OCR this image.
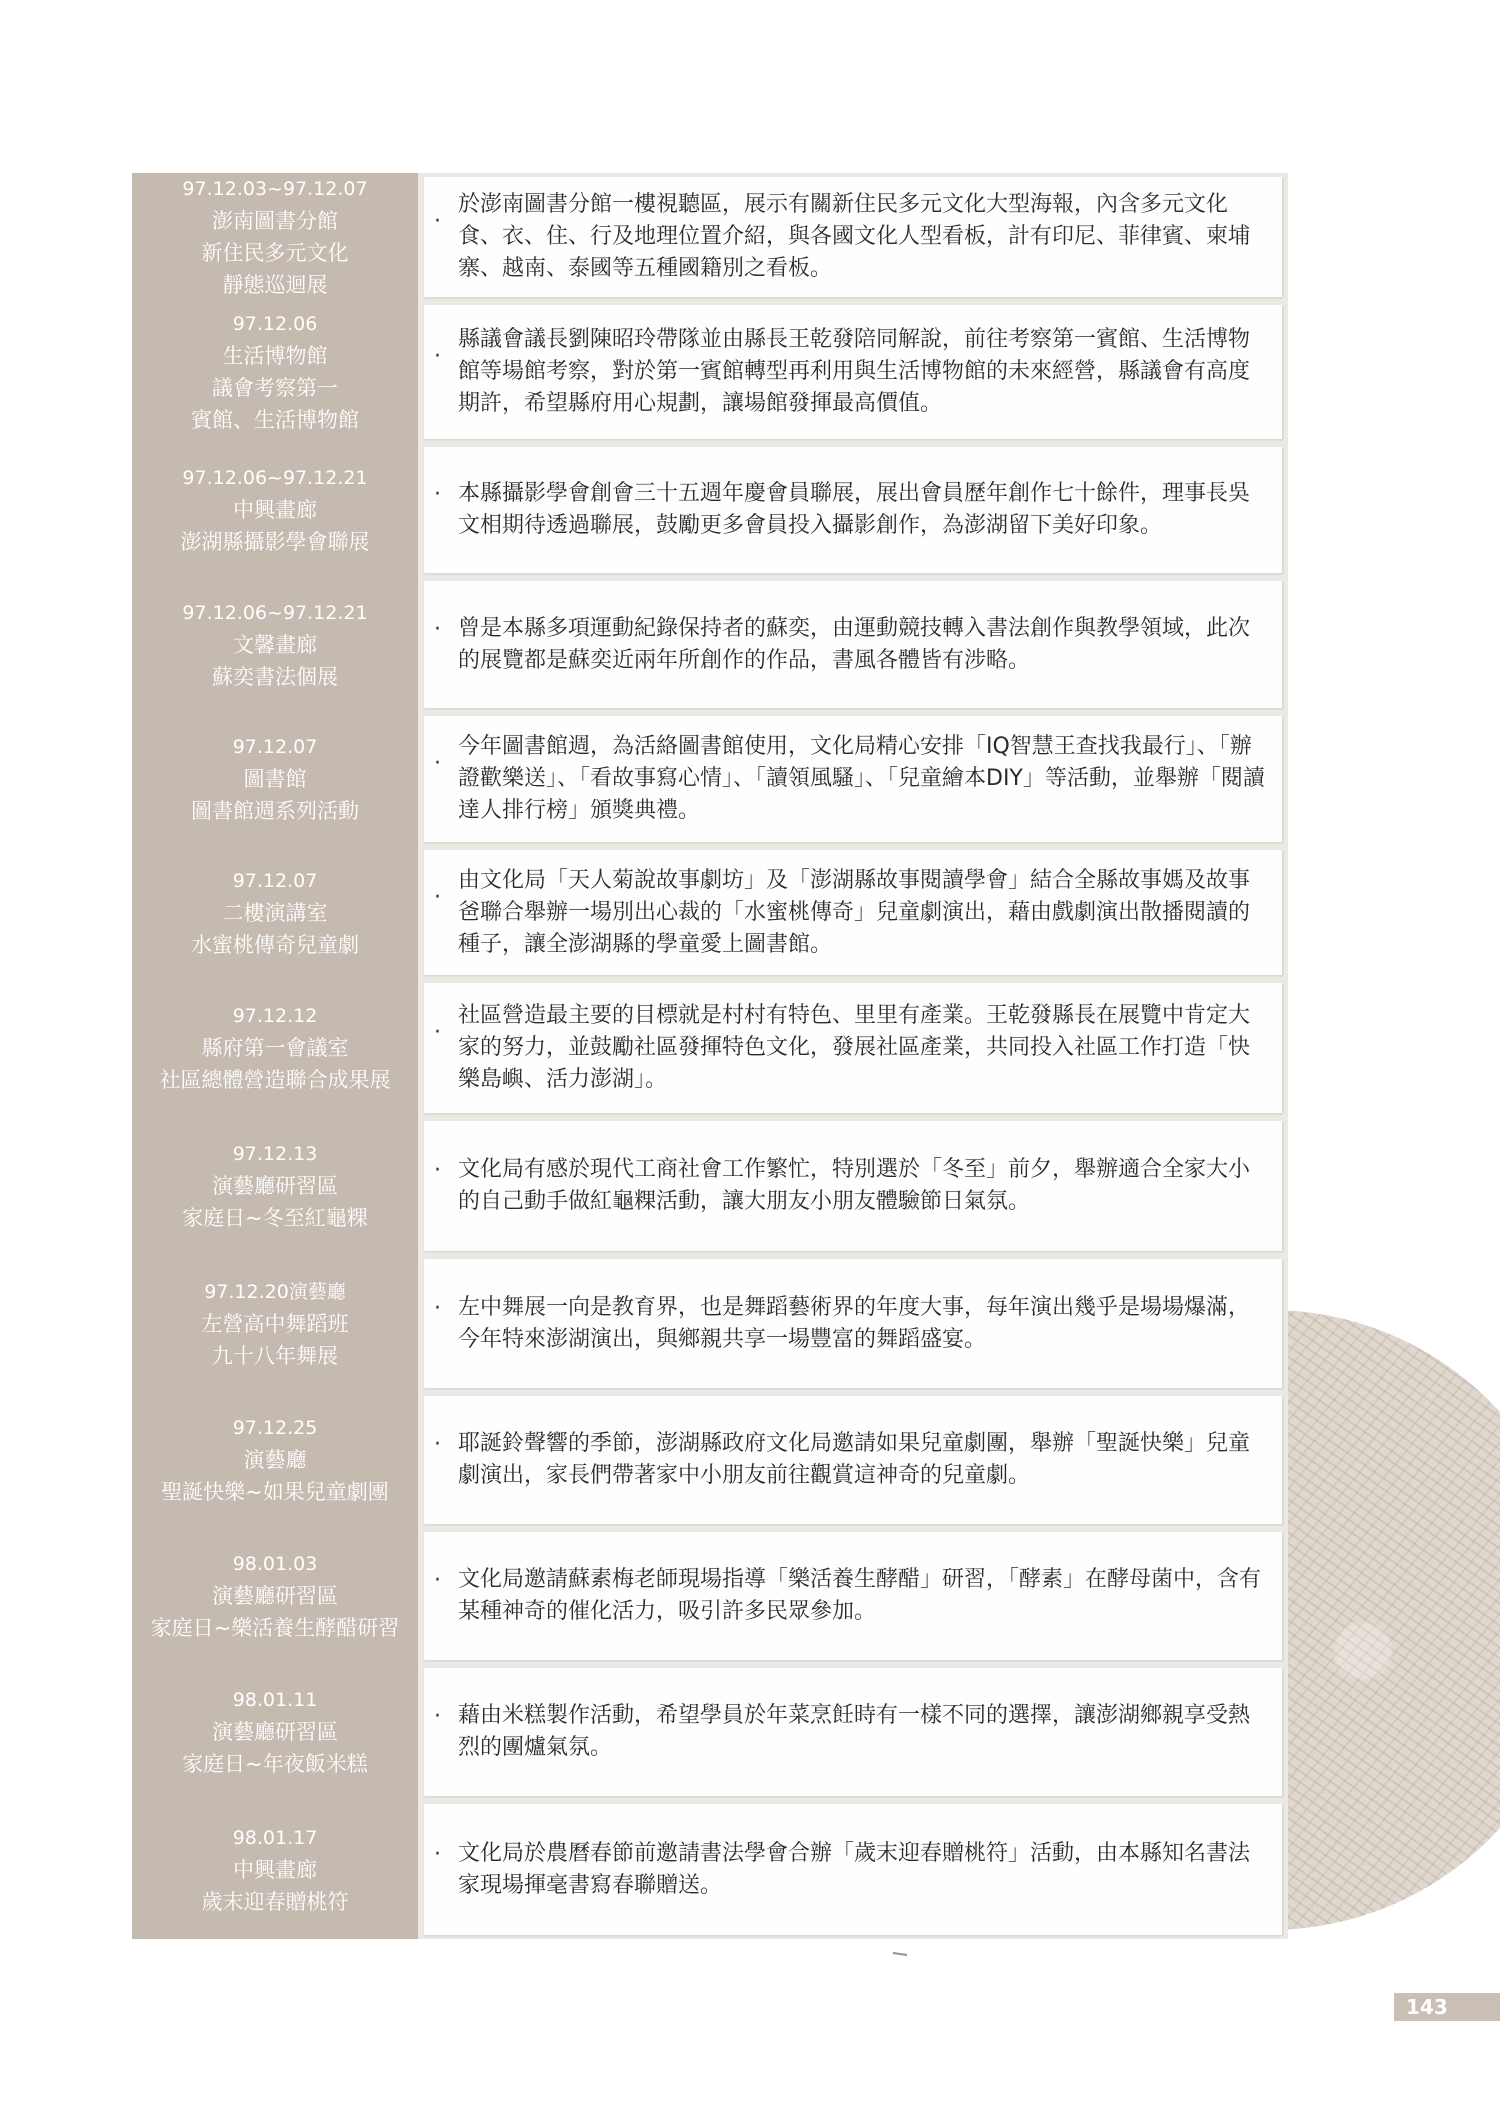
97.12.03~97.12.07
澎南圖書分館
新住民多元文化
靜態巡迴展
·
於澎南圖書分館一樓視聽區，展示有關新住民多元文化大型海報，內含多元文化食、衣、住、行及地理位置介紹，與各國文化人型看板，計有印尼、菲律賓、柬埔寨、越南、泰國等五種國籍別之看板。
97.12.06
生活博物館
議會考察第一
賓館、生活博物館
·
縣議會議長劉陳昭玲帶隊並由縣長王乾發陪同解說，前往考察第一賓館、生活博物館等場館考察，對於第一賓館轉型再利用與生活博物館的未來經營，縣議會有高度期許，希望縣府用心規劃，讓場館發揮最高價值。
97.12.06~97.12.21
中興畫廊
澎湖縣攝影學會聯展
· 本縣攝影學會創會三十五週年慶會員聯展，展出會員歷年創作七十餘件，理事長吳文相期待透過聯展，鼓勵更多會員投入攝影創作，為澎湖留下美好印象。
97.12.06~97.12.21
文馨畫廊
蘇奕書法個展
· 曾是本縣多項運動紀錄保持者的蘇奕，由運動競技轉入書法創作與教學領域，此次的展覽都是蘇奕近兩年所創作的作品，書風各體皆有涉略。
97.12.07
圖書館
圖書館週系列活動
·
今年圖書館週，為活絡圖書館使用，文化局精心安排「IQ智慧王查找我最行」、「辦證歡樂送」、「看故事寫心情」、「讀領風騷」、「兒童繪本DIY」等活動，並舉辦「閱讀達人排行榜」頒獎典禮。
97.12.07
二樓演講室
水蜜桃傳奇兒童劇
·
由文化局「天人菊說故事劇坊」及「澎湖縣故事閱讀學會」結合全縣故事媽及故事爸聯合舉辦一場別出心裁的「水蜜桃傳奇」兒童劇演出，藉由戲劇演出散播閱讀的種子，讓全澎湖縣的學童愛上圖書館。
97.12.12
縣府第一會議室
社區總體營造聯合成果展
·
社區營造最主要的目標就是村村有特色、里里有產業。王乾發縣長在展覽中肯定大家的努力，並鼓勵社區發揮特色文化，發展社區產業，共同投入社區工作打造「快樂島嶼、活力澎湖」。
97.12.13
演藝廳研習區
家庭日~冬至紅龜粿
· 文化局有感於現代工商社會工作繁忙，特別選於「冬至」前夕，舉辦適合全家大小的自己動手做紅龜粿活動，讓大朋友小朋友體驗節日氣氛。
97.12.20演藝廳
左營高中舞蹈班
九十八年舞展
· 左中舞展一向是教育界，也是舞蹈藝術界的年度大事，每年演出幾乎是場場爆滿，今年特來澎湖演出，與鄉親共享一場豐富的舞蹈盛宴。
97.12.25
演藝廳
聖誕快樂~如果兒童劇團
· 耶誕鈴聲響的季節，澎湖縣政府文化局邀請如果兒童劇團，舉辦「聖誕快樂」兒童劇演出，家長們帶著家中小朋友前往觀賞這神奇的兒童劇。
98.01.03
演藝廳研習區
家庭日~樂活養生酵醋研習
· 文化局邀請蘇素梅老師現場指導「樂活養生酵醋」研習，「酵素」在酵母菌中，含有某種神奇的催化活力，吸引許多民眾參加。
98.01.11
演藝廳研習區
家庭日~年夜飯米糕
· 藉由米糕製作活動，希望學員於年菜烹飪時有一樣不同的選擇，讓澎湖鄉親享受熱烈的團爐氣氛。
98.01.17
中興畫廊
歲末迎春贈桃符
· 文化局於農曆春節前邀請書法學會合辦「歲末迎春贈桃符」活動，由本縣知名書法家現場揮毫書寫春聯贈送。
143
